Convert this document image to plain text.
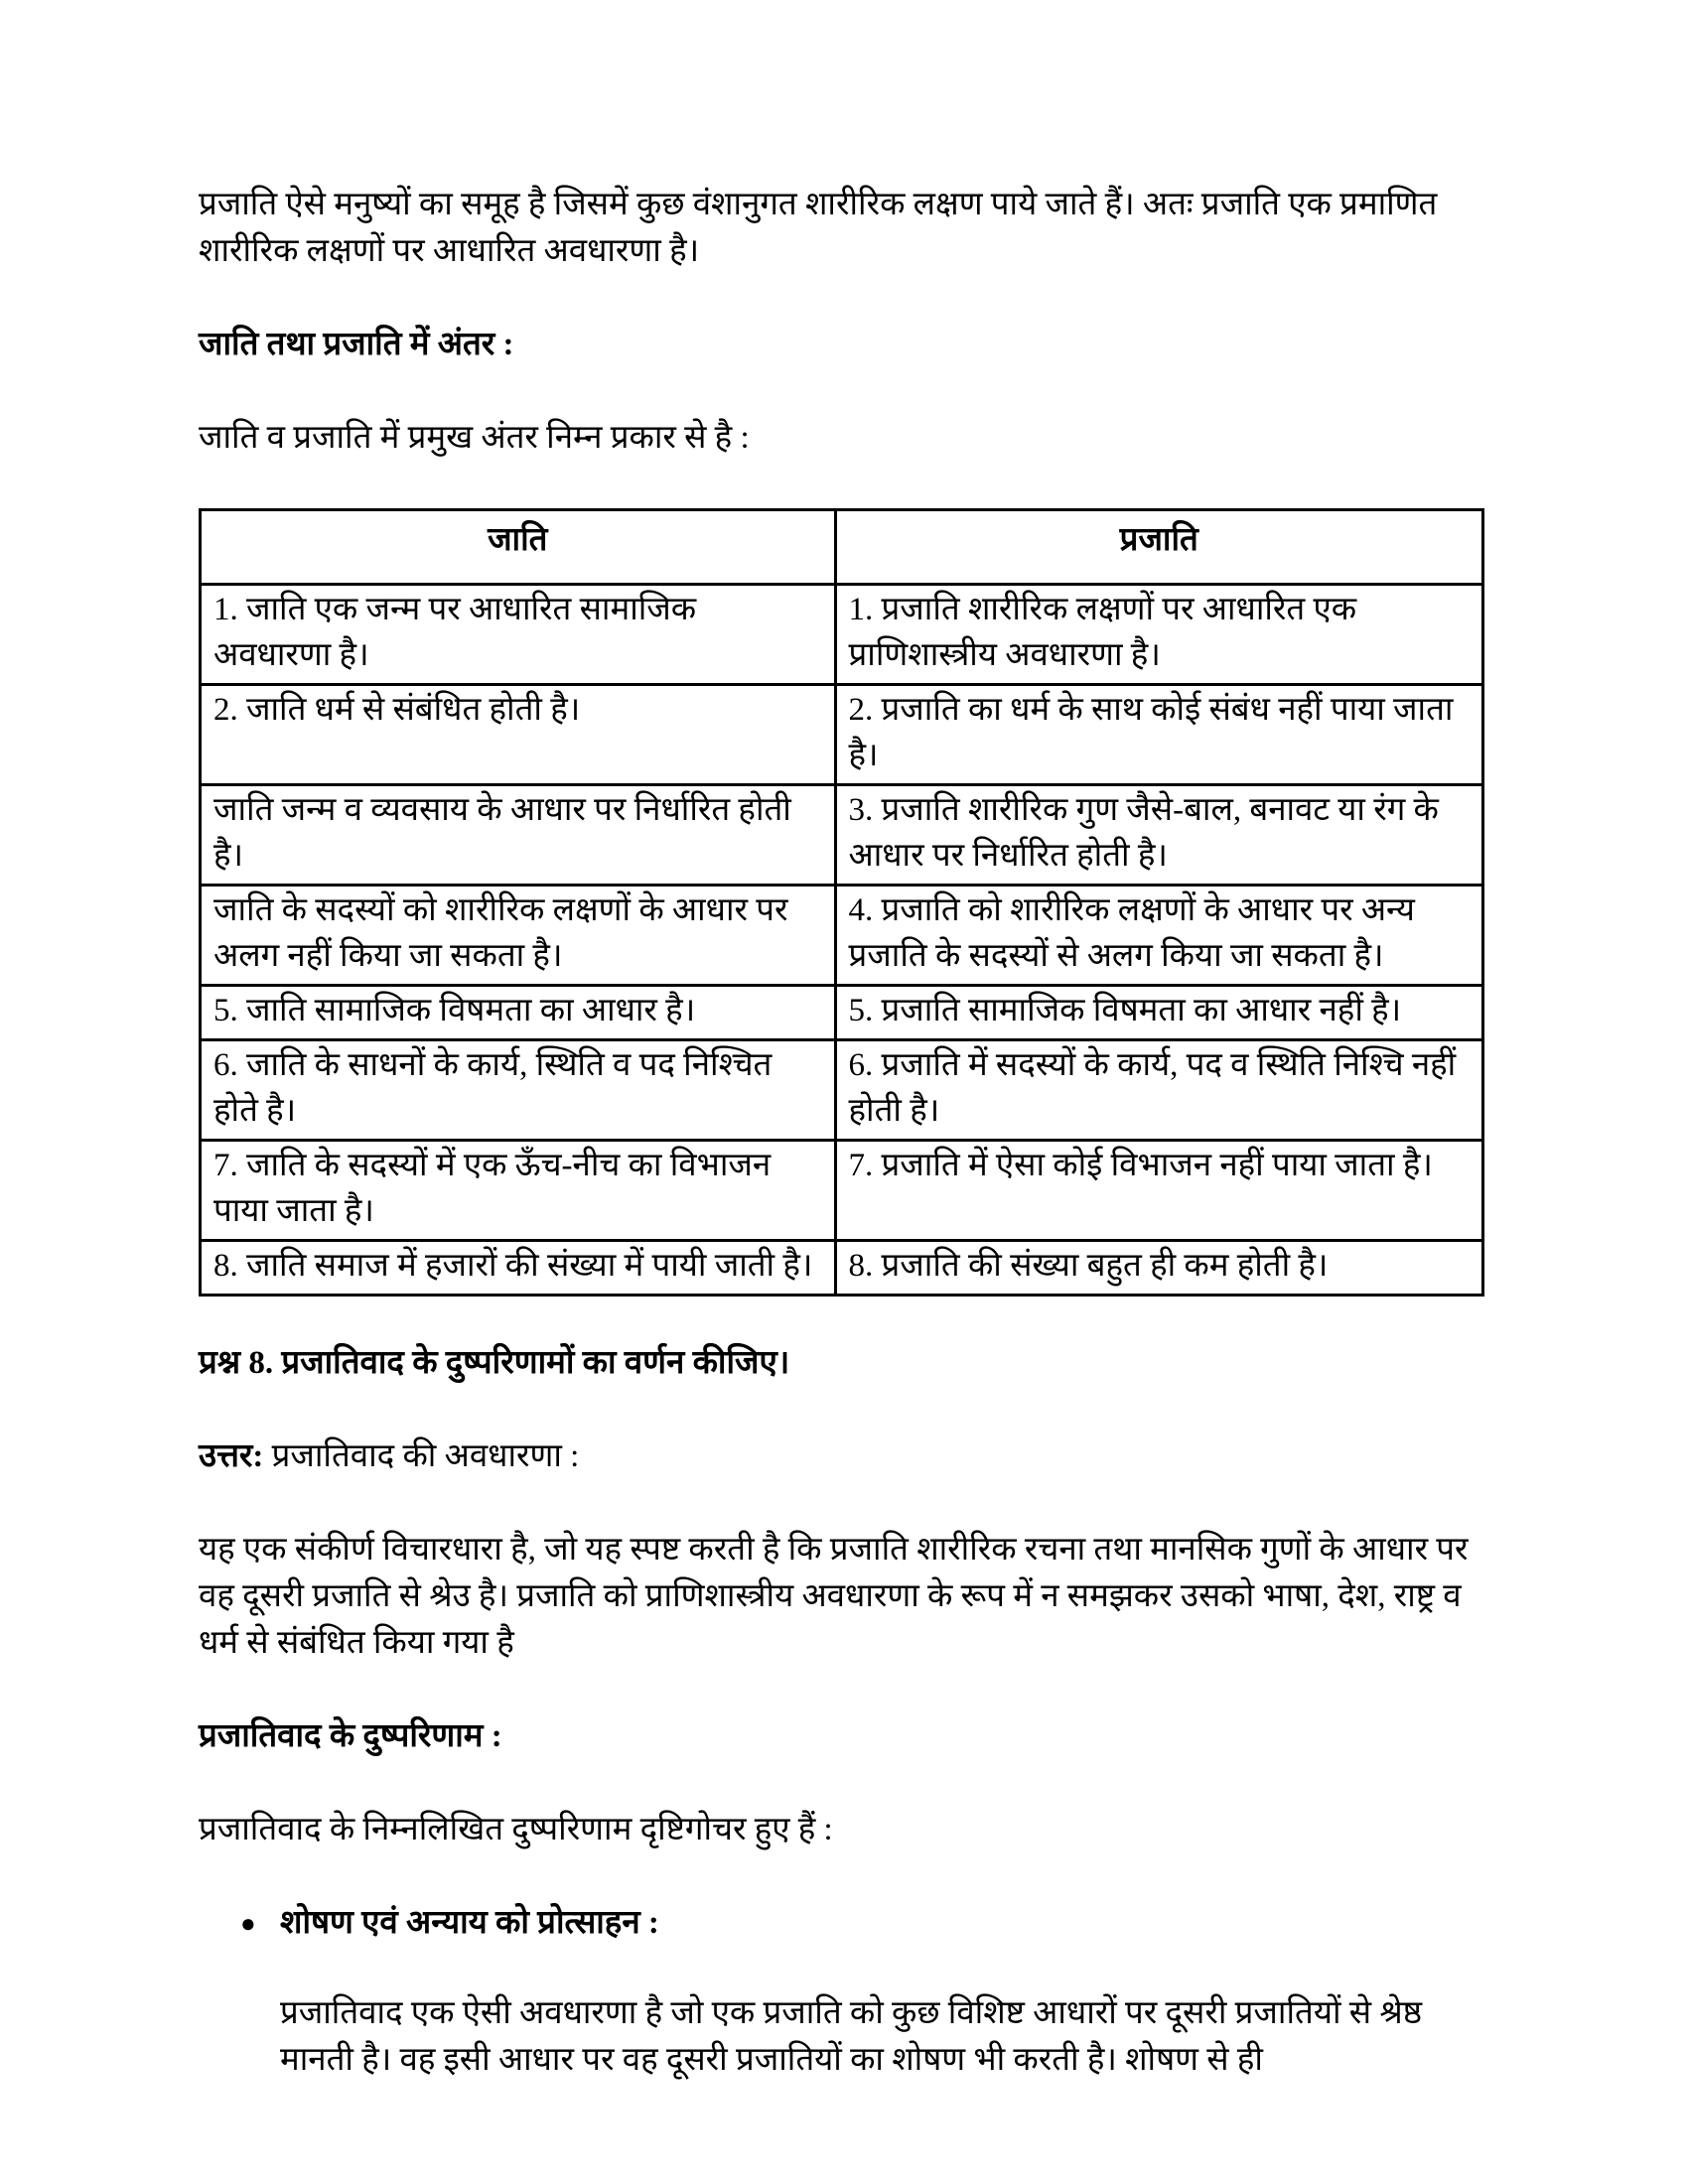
प्रजाति ऐसे मनुष्यों का समूह है जिसमें कुछ वंशानुगत शारीरिक लक्षण पाये जाते हैं। अतः प्रजाति एक प्रमाणित शारीरिक लक्षणों पर आधारित अवधारणा है।

जाति तथा प्रजाति में अंतर :

जाति व प्रजाति में प्रमुख अंतर निम्न प्रकार से है :

जाति	प्रजाति
1. जाति एक जन्म पर आधारित सामाजिक अवधारणा है।	1. प्रजाति शारीरिक लक्षणों पर आधारित एक प्राणिशास्त्रीय अवधारणा है।
2. जाति धर्म से संबंधित होती है।	2. प्रजाति का धर्म के साथ कोई संबंध नहीं पाया जाता है।
जाति जन्म व व्यवसाय के आधार पर निर्धारित होती है।	3. प्रजाति शारीरिक गुण जैसे-बाल, बनावट या रंग के आधार पर निर्धारित होती है।
जाति के सदस्यों को शारीरिक लक्षणों के आधार पर अलग नहीं किया जा सकता है।	4. प्रजाति को शारीरिक लक्षणों के आधार पर अन्य प्रजाति के सदस्यों से अलग किया जा सकता है।
5. जाति सामाजिक विषमता का आधार है।	5. प्रजाति सामाजिक विषमता का आधार नहीं है।
6. जाति के साधनों के कार्य, स्थिति व पद निश्चित होते है।	6. प्रजाति में सदस्यों के कार्य, पद व स्थिति निश्चि नहीं होती है।
7. जाति के सदस्यों में एक ऊँच-नीच का विभाजन पाया जाता है।	7. प्रजाति में ऐसा कोई विभाजन नहीं पाया जाता है।
8. जाति समाज में हजारों की संख्या में पायी जाती है।	8. प्रजाति की संख्या बहुत ही कम होती है।
प्रश्न 8. प्रजातिवाद के दुष्परिणामों का वर्णन कीजिए।

उत्तर: प्रजातिवाद की अवधारणा :

यह एक संकीर्ण विचारधारा है, जो यह स्पष्ट करती है कि प्रजाति शारीरिक रचना तथा मानसिक गुणों के आधार पर वह दूसरी प्रजाति से श्रेउ है। प्रजाति को प्राणिशास्त्रीय अवधारणा के रूप में न समझकर उसको भाषा, देश, राष्ट्र व धर्म से संबंधित किया गया है

प्रजातिवाद के दुष्परिणाम :

प्रजातिवाद के निम्नलिखित दुष्परिणाम दृष्टिगोचर हुए हैं :

● शोषण एवं अन्याय को प्रोत्साहन :

प्रजातिवाद एक ऐसी अवधारणा है जो एक प्रजाति को कुछ विशिष्ट आधारों पर दूसरी प्रजातियों से श्रेष्ठ मानती है। वह इसी आधार पर वह दूसरी प्रजातियों का शोषण भी करती है। शोषण से ही
